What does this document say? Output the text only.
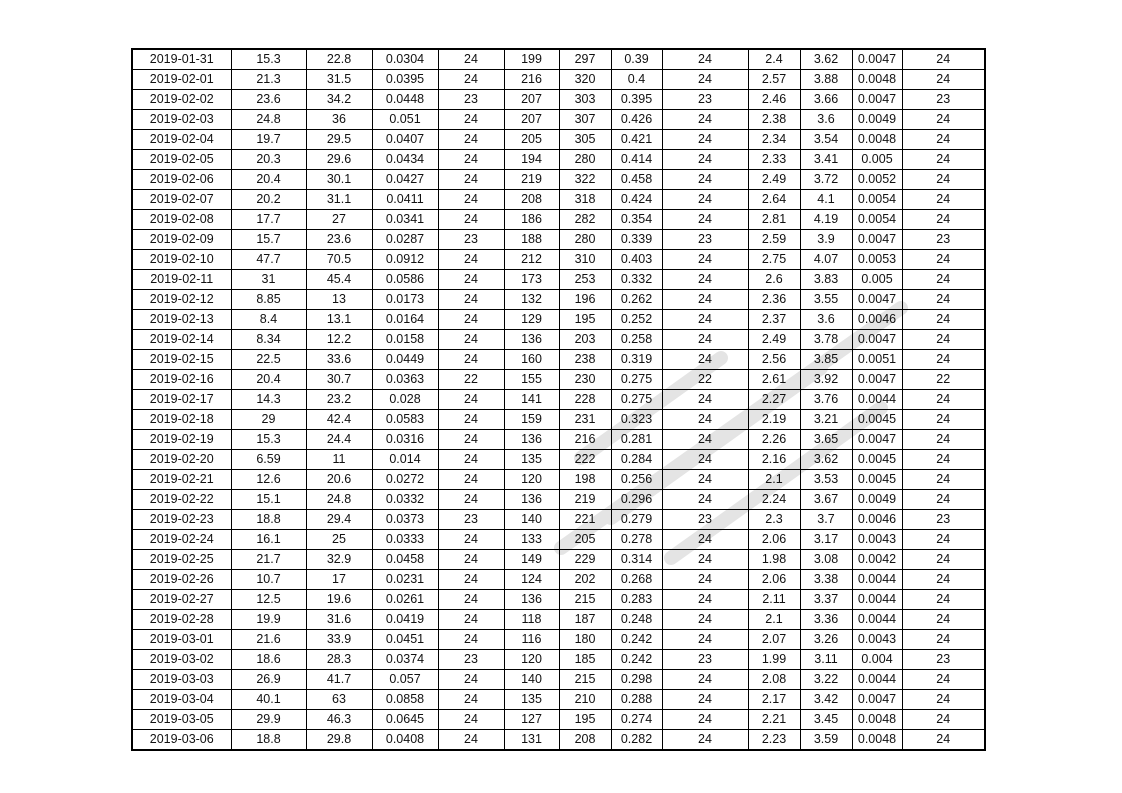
2019-01-31	15.3	22.8	0.0304	24	199	297	0.39	24	2.4	3.62	0.0047	24
2019-02-01	21.3	31.5	0.0395	24	216	320	0.4	24	2.57	3.88	0.0048	24
2019-02-02	23.6	34.2	0.0448	23	207	303	0.395	23	2.46	3.66	0.0047	23
2019-02-03	24.8	36	0.051	24	207	307	0.426	24	2.38	3.6	0.0049	24
2019-02-04	19.7	29.5	0.0407	24	205	305	0.421	24	2.34	3.54	0.0048	24
2019-02-05	20.3	29.6	0.0434	24	194	280	0.414	24	2.33	3.41	0.005	24
2019-02-06	20.4	30.1	0.0427	24	219	322	0.458	24	2.49	3.72	0.0052	24
2019-02-07	20.2	31.1	0.0411	24	208	318	0.424	24	2.64	4.1	0.0054	24
2019-02-08	17.7	27	0.0341	24	186	282	0.354	24	2.81	4.19	0.0054	24
2019-02-09	15.7	23.6	0.0287	23	188	280	0.339	23	2.59	3.9	0.0047	23
2019-02-10	47.7	70.5	0.0912	24	212	310	0.403	24	2.75	4.07	0.0053	24
2019-02-11	31	45.4	0.0586	24	173	253	0.332	24	2.6	3.83	0.005	24
2019-02-12	8.85	13	0.0173	24	132	196	0.262	24	2.36	3.55	0.0047	24
2019-02-13	8.4	13.1	0.0164	24	129	195	0.252	24	2.37	3.6	0.0046	24
2019-02-14	8.34	12.2	0.0158	24	136	203	0.258	24	2.49	3.78	0.0047	24
2019-02-15	22.5	33.6	0.0449	24	160	238	0.319	24	2.56	3.85	0.0051	24
2019-02-16	20.4	30.7	0.0363	22	155	230	0.275	22	2.61	3.92	0.0047	22
2019-02-17	14.3	23.2	0.028	24	141	228	0.275	24	2.27	3.76	0.0044	24
2019-02-18	29	42.4	0.0583	24	159	231	0.323	24	2.19	3.21	0.0045	24
2019-02-19	15.3	24.4	0.0316	24	136	216	0.281	24	2.26	3.65	0.0047	24
2019-02-20	6.59	11	0.014	24	135	222	0.284	24	2.16	3.62	0.0045	24
2019-02-21	12.6	20.6	0.0272	24	120	198	0.256	24	2.1	3.53	0.0045	24
2019-02-22	15.1	24.8	0.0332	24	136	219	0.296	24	2.24	3.67	0.0049	24
2019-02-23	18.8	29.4	0.0373	23	140	221	0.279	23	2.3	3.7	0.0046	23
2019-02-24	16.1	25	0.0333	24	133	205	0.278	24	2.06	3.17	0.0043	24
2019-02-25	21.7	32.9	0.0458	24	149	229	0.314	24	1.98	3.08	0.0042	24
2019-02-26	10.7	17	0.0231	24	124	202	0.268	24	2.06	3.38	0.0044	24
2019-02-27	12.5	19.6	0.0261	24	136	215	0.283	24	2.11	3.37	0.0044	24
2019-02-28	19.9	31.6	0.0419	24	118	187	0.248	24	2.1	3.36	0.0044	24
2019-03-01	21.6	33.9	0.0451	24	116	180	0.242	24	2.07	3.26	0.0043	24
2019-03-02	18.6	28.3	0.0374	23	120	185	0.242	23	1.99	3.11	0.004	23
2019-03-03	26.9	41.7	0.057	24	140	215	0.298	24	2.08	3.22	0.0044	24
2019-03-04	40.1	63	0.0858	24	135	210	0.288	24	2.17	3.42	0.0047	24
2019-03-05	29.9	46.3	0.0645	24	127	195	0.274	24	2.21	3.45	0.0048	24
2019-03-06	18.8	29.8	0.0408	24	131	208	0.282	24	2.23	3.59	0.0048	24
